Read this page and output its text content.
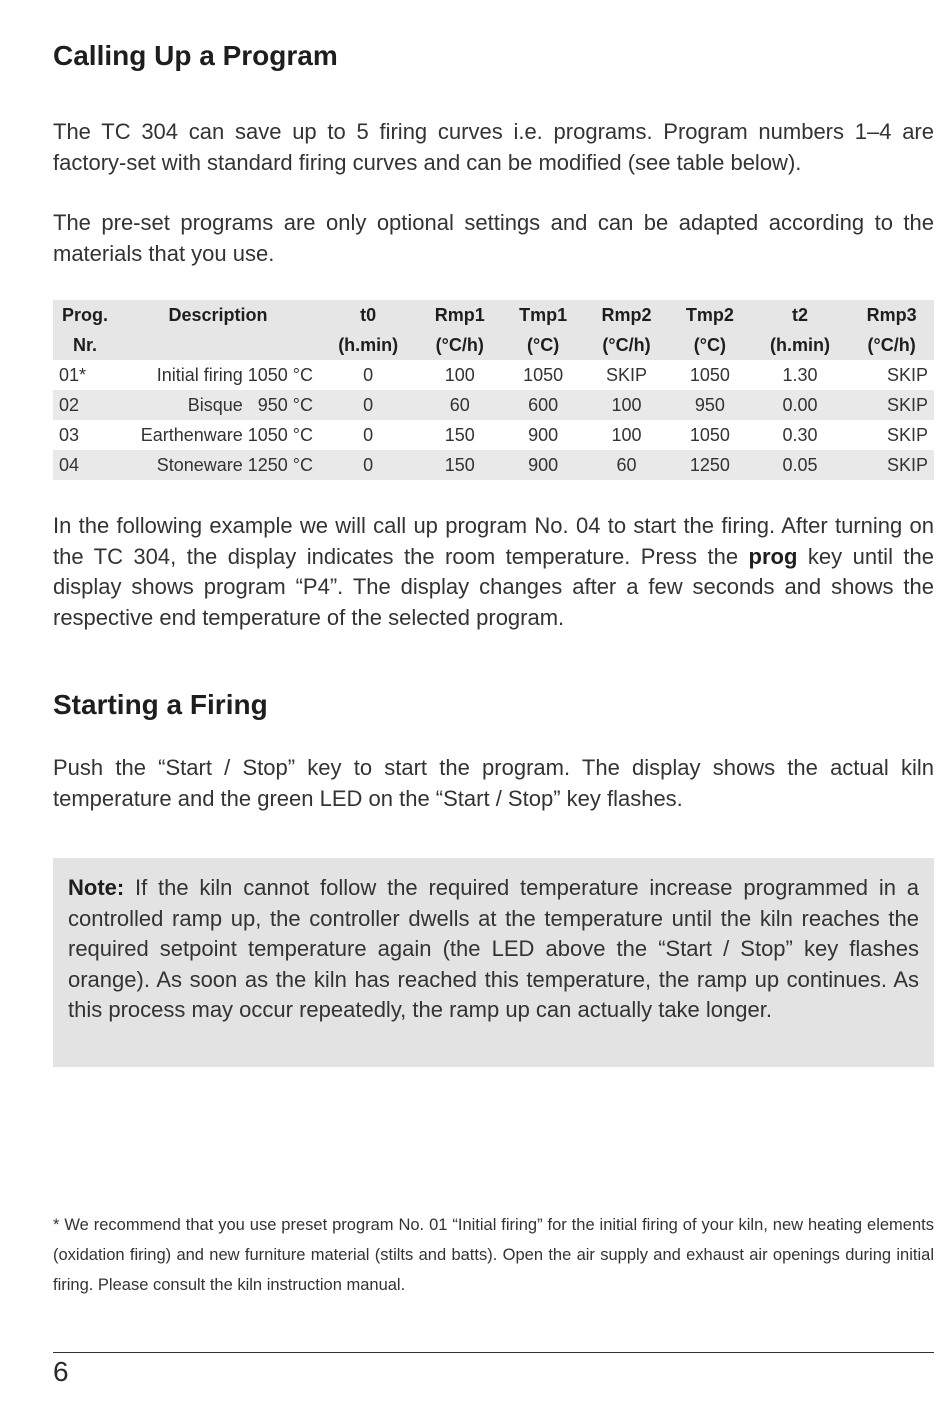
Calling Up a Program

The TC 304 can save up to 5 firing curves i.e. programs. Program numbers 1–4 are factory-set with standard firing curves and can be modified (see table below).

The pre-set programs are only optional settings and can be adapted according to the materials that you use.

Prog.	Description	t0	Rmp1	Tmp1	Rmp2	Tmp2	t2	Rmp3
Nr.		(h.min)	(°C/h)	(°C)	(°C/h)	(°C)	(h.min)	(°C/h)
01*	Initial firing 1050 °C	0	100	1050	SKIP	1050	1.30	SKIP
02	Bisque   950 °C	0	60	600	100	950	0.00	SKIP
03	Earthenware 1050 °C	0	150	900	100	1050	0.30	SKIP
04	Stoneware 1250 °C	0	150	900	60	1250	0.05	SKIP

In the following example we will call up program No. 04 to start the firing. After turning on the TC 304, the display indicates the room temperature. Press the prog key until the display shows program “P4”. The display changes after a few seconds and shows the respective end temperature of the selected program.

Starting a Firing

Push the “Start / Stop” key to start the program. The display shows the actual kiln temperature and the green LED on the “Start / Stop” key flashes.

Note: If the kiln cannot follow the required temperature increase programmed in a controlled ramp up, the controller dwells at the temperature until the kiln reaches the required setpoint temperature again (the LED above the “Start / Stop” key flashes orange). As soon as the kiln has reached this temperature, the ramp up continues. As this process may occur repeatedly, the ramp up can actually take longer.

* We recommend that you use preset program No. 01 “Initial firing” for the initial firing of your kiln, new heating elements (oxidation firing) and new furniture material (stilts and batts). Open the air supply and exhaust air openings during initial firing. Please consult the kiln instruction manual.

6
